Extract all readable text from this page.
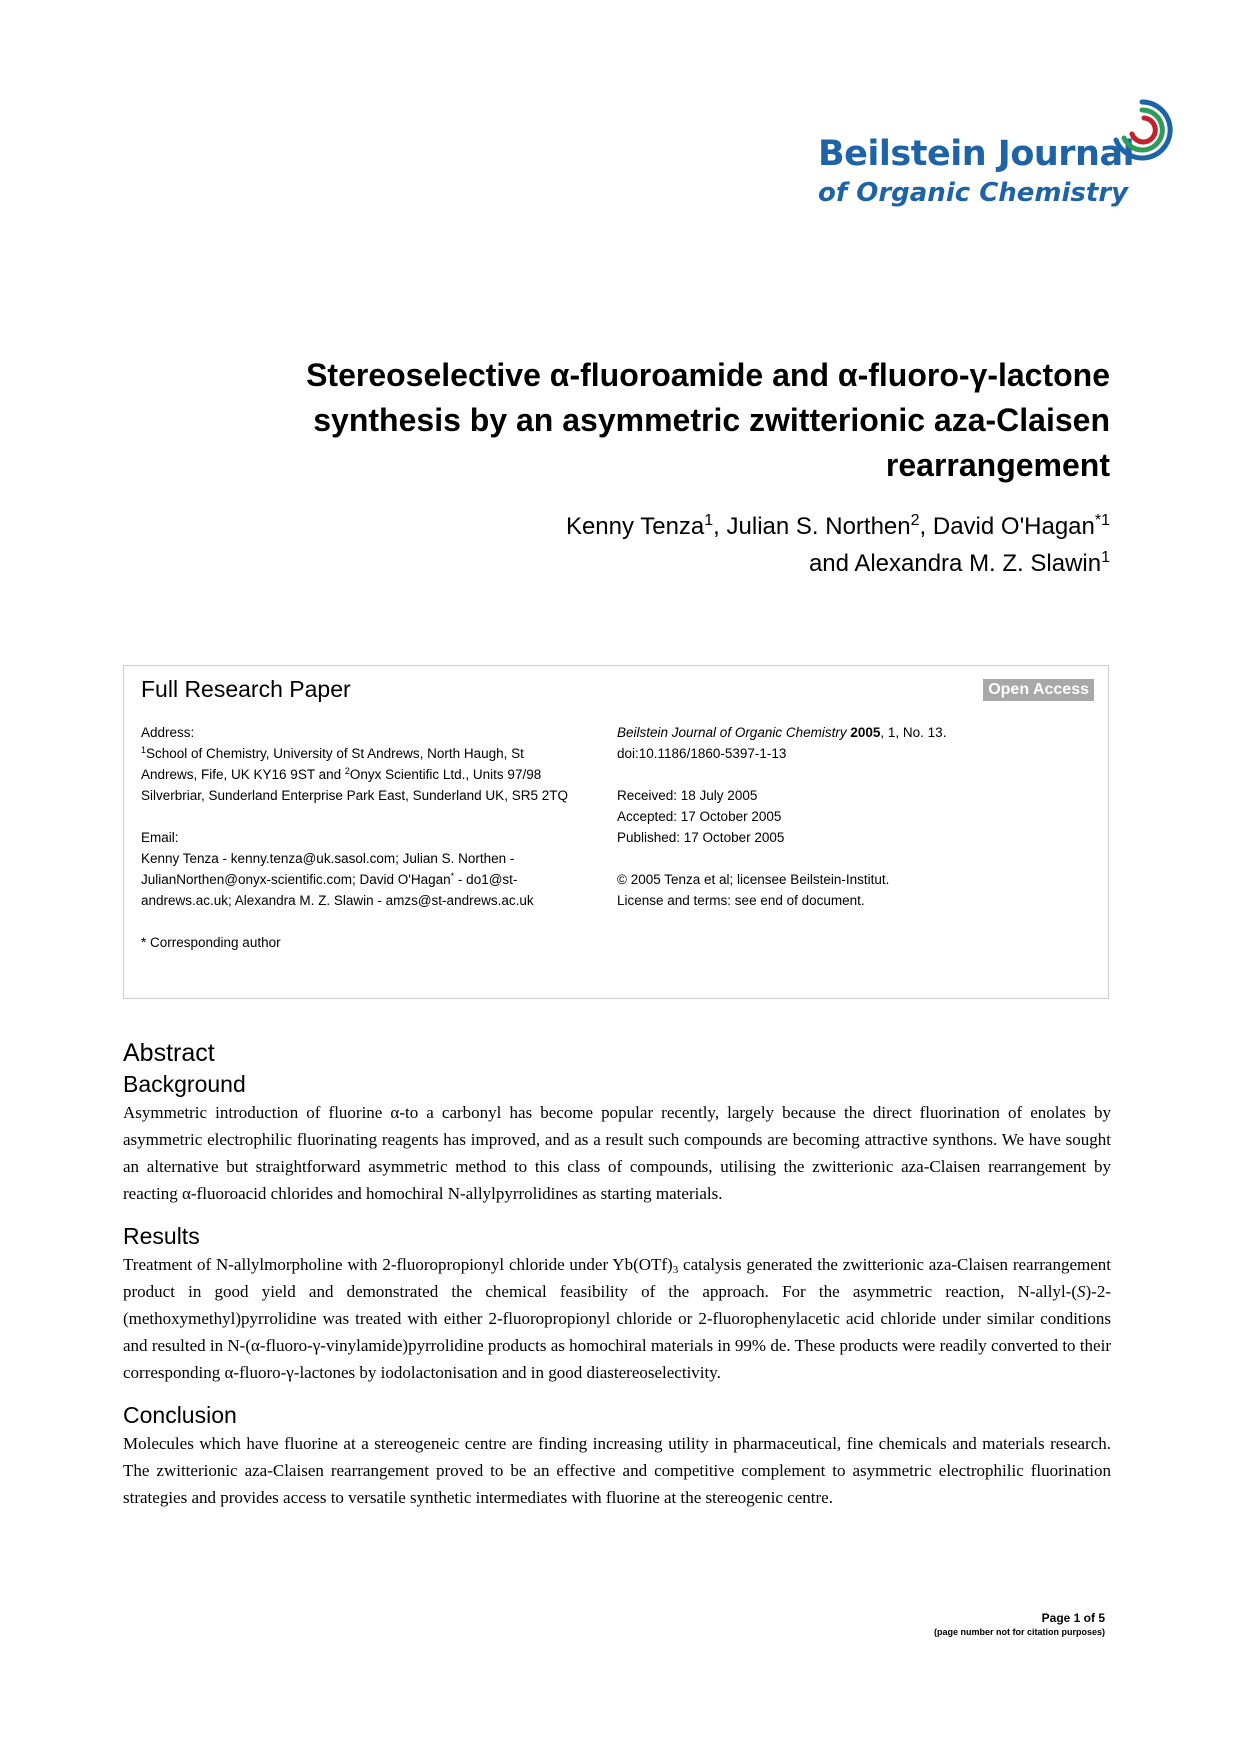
Beilstein Journal
of Organic Chemistry
Stereoselective α-fluoroamide and α-fluoro-γ-lactone synthesis by an asymmetric zwitterionic aza-Claisen rearrangement
Kenny Tenza$^1$, Julian S. Northen$^2$, David O'Hagan$^{*1}$
and Alexandra M. Z. Slawin$^1$
Full Research Paper	Open Access

Address:

$^1$School of Chemistry, University of St Andrews, North Haugh, St Andrews, Fife, UK KY16 9ST and $^2$Onyx Scientific Ltd., Units 97/98 Silverbriar, Sunderland Enterprise Park East, Sunderland UK, SR5 2TQ

Email:

Kenny Tenza - kenny.tenza@uk.sasol.com; Julian S. Northen - JulianNorthen@onyx-scientific.com; David O'Hagan* - do1@st-andrews.ac.uk; Alexandra M. Z. Slawin - amzs@st-andrews.ac.uk

* Corresponding author

Beilstein Journal of Organic Chemistry 2005, 1, No. 13.

doi:10.1186/1860-5397-1-13

Received: 18 July 2005

Accepted: 17 October 2005

Published: 17 October 2005

© 2005 Tenza et al; licensee Beilstein-Institut.

License and terms: see end of document.

Abstract
Background

Asymmetric introduction of fluorine α-to a carbonyl has become popular recently, largely because the direct fluorination of enolates by asymmetric electrophilic fluorinating reagents has improved, and as a result such compounds are becoming attractive synthons. We have sought an alternative but straightforward asymmetric method to this class of compounds, utilising the zwitterionic aza-Claisen rearrangement by reacting α-fluoroacid chlorides and homochiral N-allylpyrrolidines as starting materials.

Results

Treatment of N-allylmorpholine with 2-fluoropropionyl chloride under $Yb(OTf)_3$ catalysis generated the zwitterionic aza-Claisen rearrangement product in good yield and demonstrated the chemical feasibility of the approach. For the asymmetric reaction, N-allyl-(S)-2-(methoxymethyl)pyrrolidine was treated with either 2-fluoropropionyl chloride or 2-fluorophenylacetic acid chloride under similar conditions and resulted in N-(α-fluoro-γ-vinylamide)pyrrolidine products as homochiral materials in 99% de. These products were readily converted to their corresponding α-fluoro-γ-lactones by iodolactonisation and in good diastereoselectivity.

Conclusion

Molecules which have fluorine at a stereogeneic centre are finding increasing utility in pharmaceutical, fine chemicals and materials research. The zwitterionic aza-Claisen rearrangement proved to be an effective and competitive complement to asymmetric electrophilic fluorination strategies and provides access to versatile synthetic intermediates with fluorine at the stereogenic centre.

Page 1 of 5
(page number not for citation purposes)
